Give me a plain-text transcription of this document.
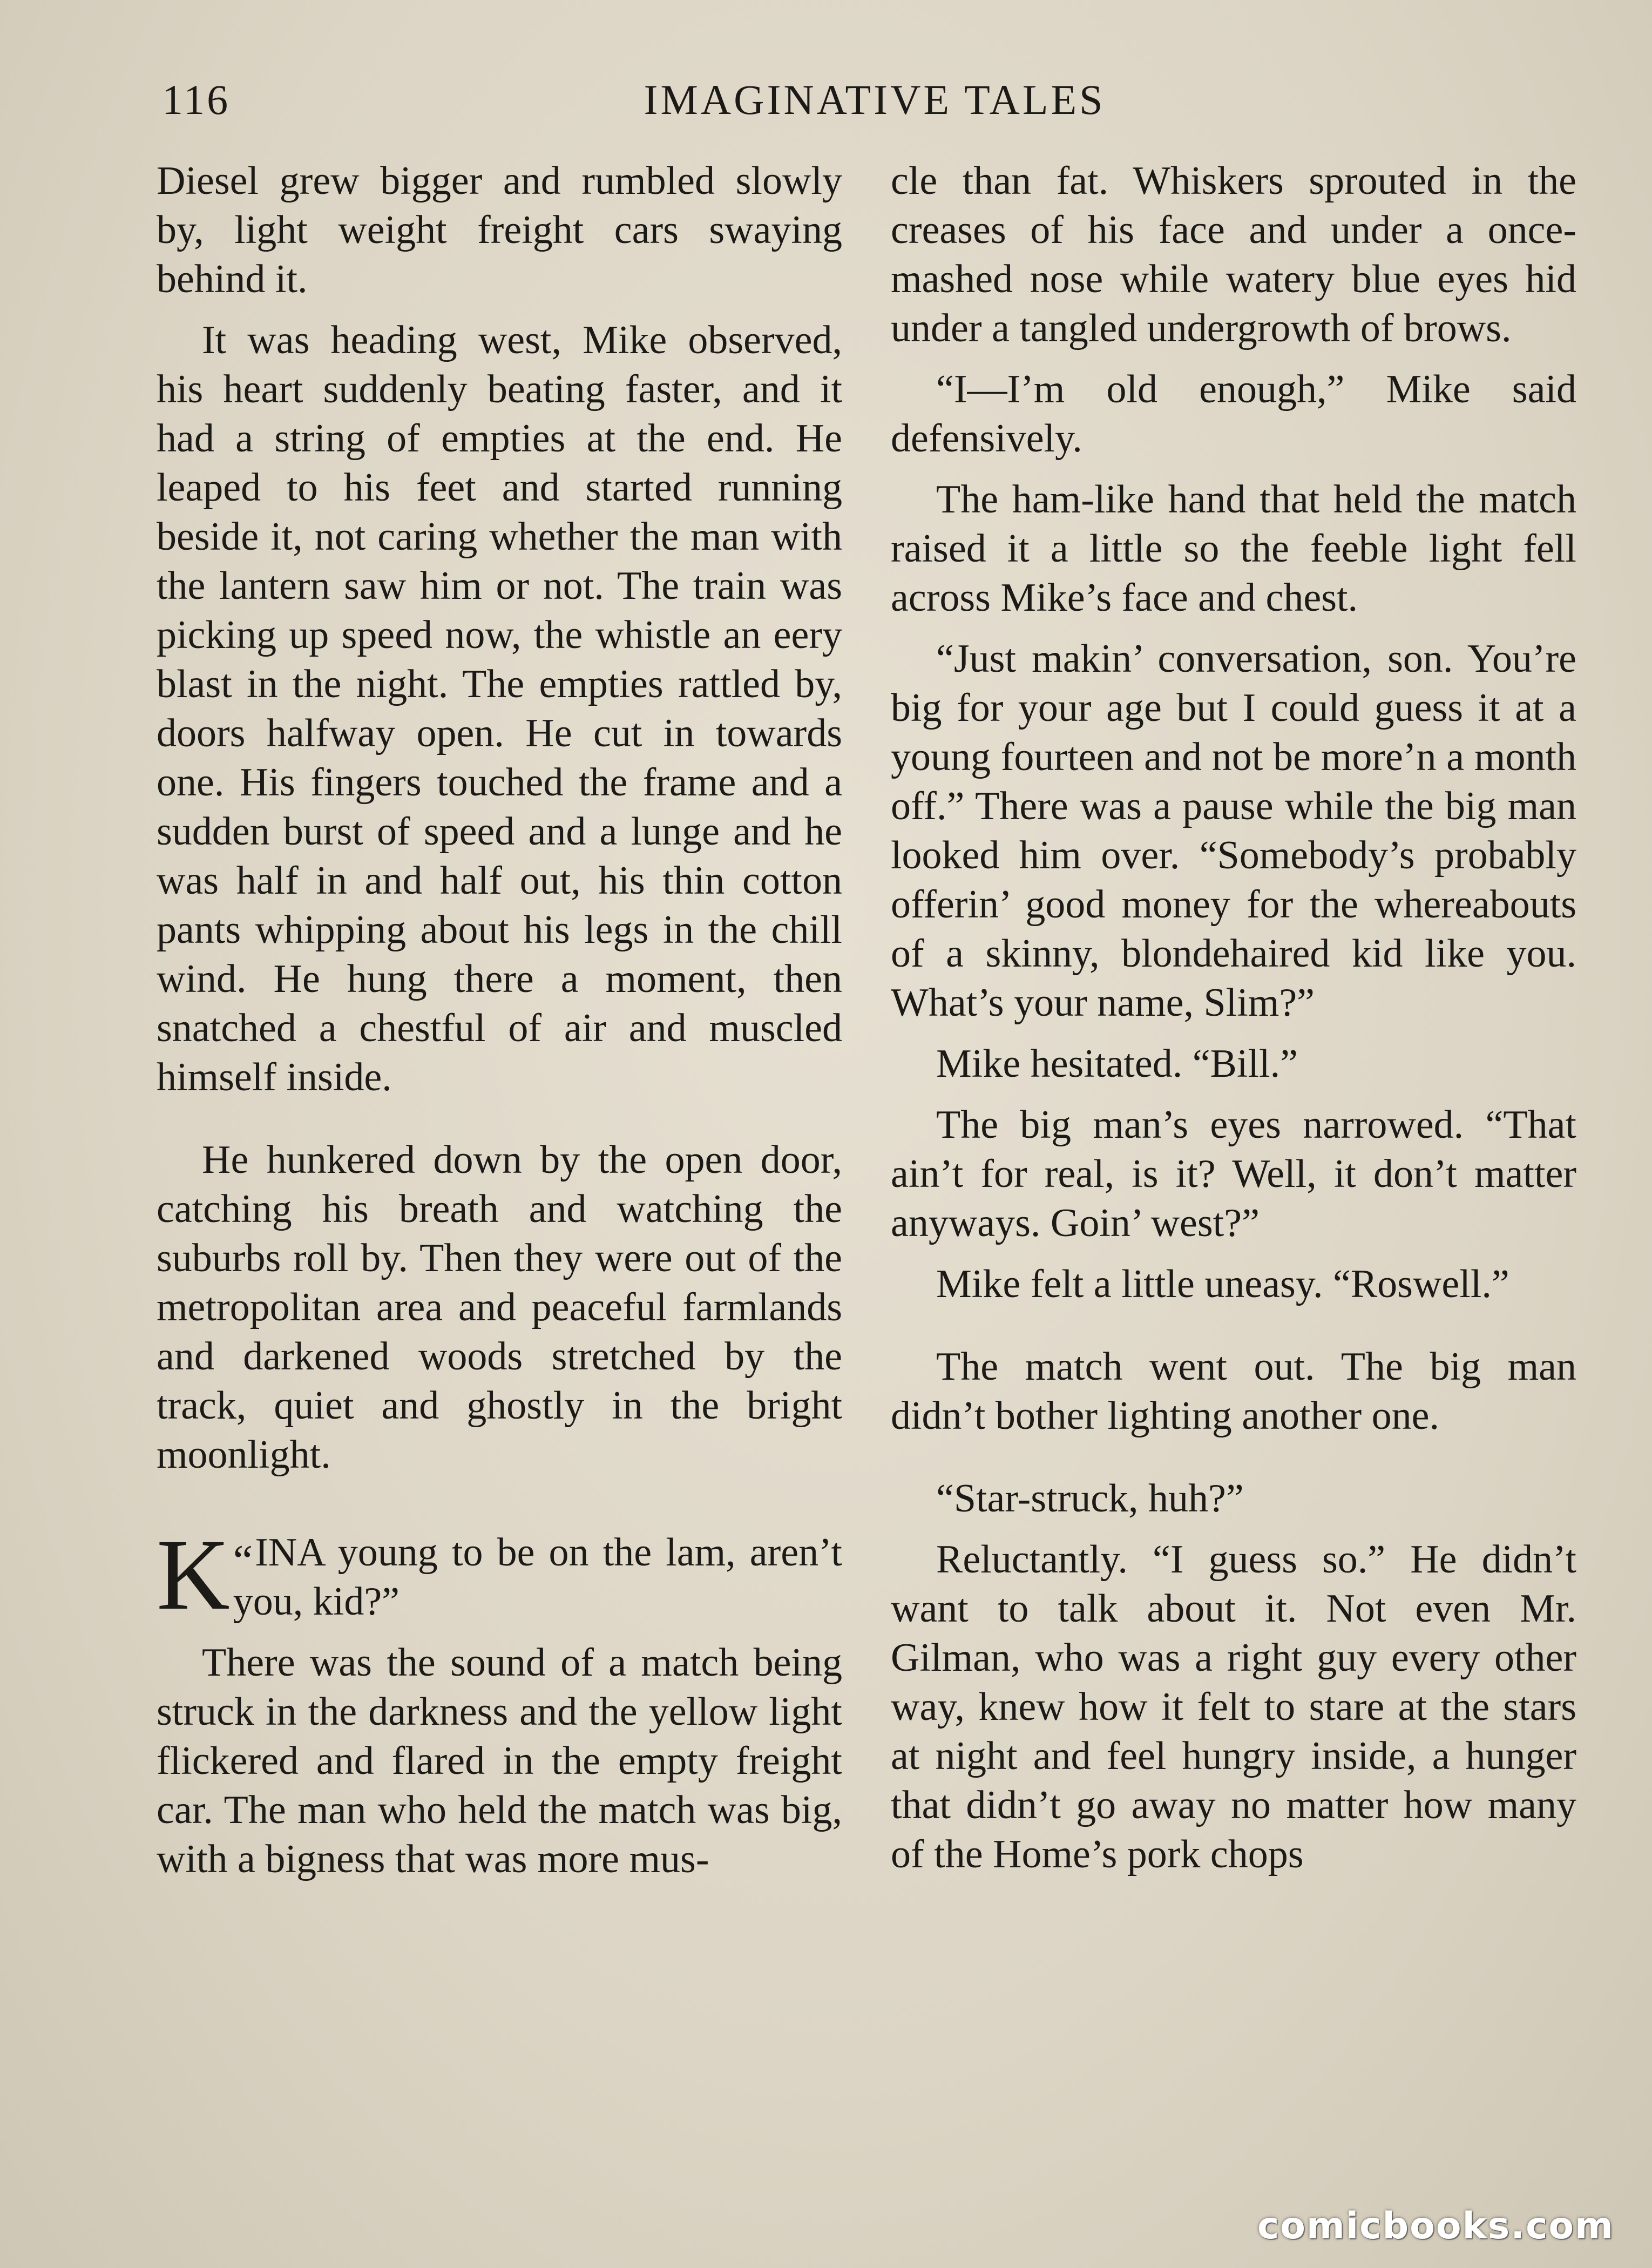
116	IMAGINATIVE TALES

Diesel grew bigger and rumbled slowly by, light weight freight cars swaying behind it.

It was heading west, Mike observed, his heart suddenly beating faster, and it had a string of empties at the end. He leaped to his feet and started running beside it, not caring whether the man with the lantern saw him or not. The train was picking up speed now, the whistle an eery blast in the night. The empties rattled by, doors halfway open. He cut in towards one. His fingers touched the frame and a sudden burst of speed and a lunge and he was half in and half out, his thin cotton pants whipping about his legs in the chill wind. He hung there a moment, then snatched a chestful of air and muscled himself inside.

He hunkered down by the open door, catching his breath and watching the suburbs roll by. Then they were out of the metropolitan area and peaceful farmlands and darkened woods stretched by the track, quiet and ghostly in the bright moonlight.

“
K INA young to be on the lam, aren’t you, kid?”

There was the sound of a match being struck in the darkness and the yellow light flickered and flared in the empty freight car. The man who held the match was big, with a bigness that was more mus-

cle than fat. Whiskers sprouted in the creases of his face and under a once-mashed nose while watery blue eyes hid under a tangled undergrowth of brows.

“I—I’m old enough,” Mike said defensively.

The ham-like hand that held the match raised it a little so the feeble light fell across Mike’s face and chest.

“Just makin’ conversation, son. You’re big for your age but I could guess it at a young fourteen and not be more’n a month off.” There was a pause while the big man looked him over. “Somebody’s probably offerin’ good money for the whereabouts of a skinny, blondehaired kid like you. What’s your name, Slim?”

Mike hesitated. “Bill.”

The big man’s eyes narrowed. “That ain’t for real, is it? Well, it don’t matter anyways. Goin’ west?”

Mike felt a little uneasy. “Roswell.”

The match went out. The big man didn’t bother lighting another one.

“Star-struck, huh?”

Reluctantly. “I guess so.” He didn’t want to talk about it. Not even Mr. Gilman, who was a right guy every other way, knew how it felt to stare at the stars at night and feel hungry inside, a hunger that didn’t go away no matter how many of the Home’s pork chops

comicbooks.com
